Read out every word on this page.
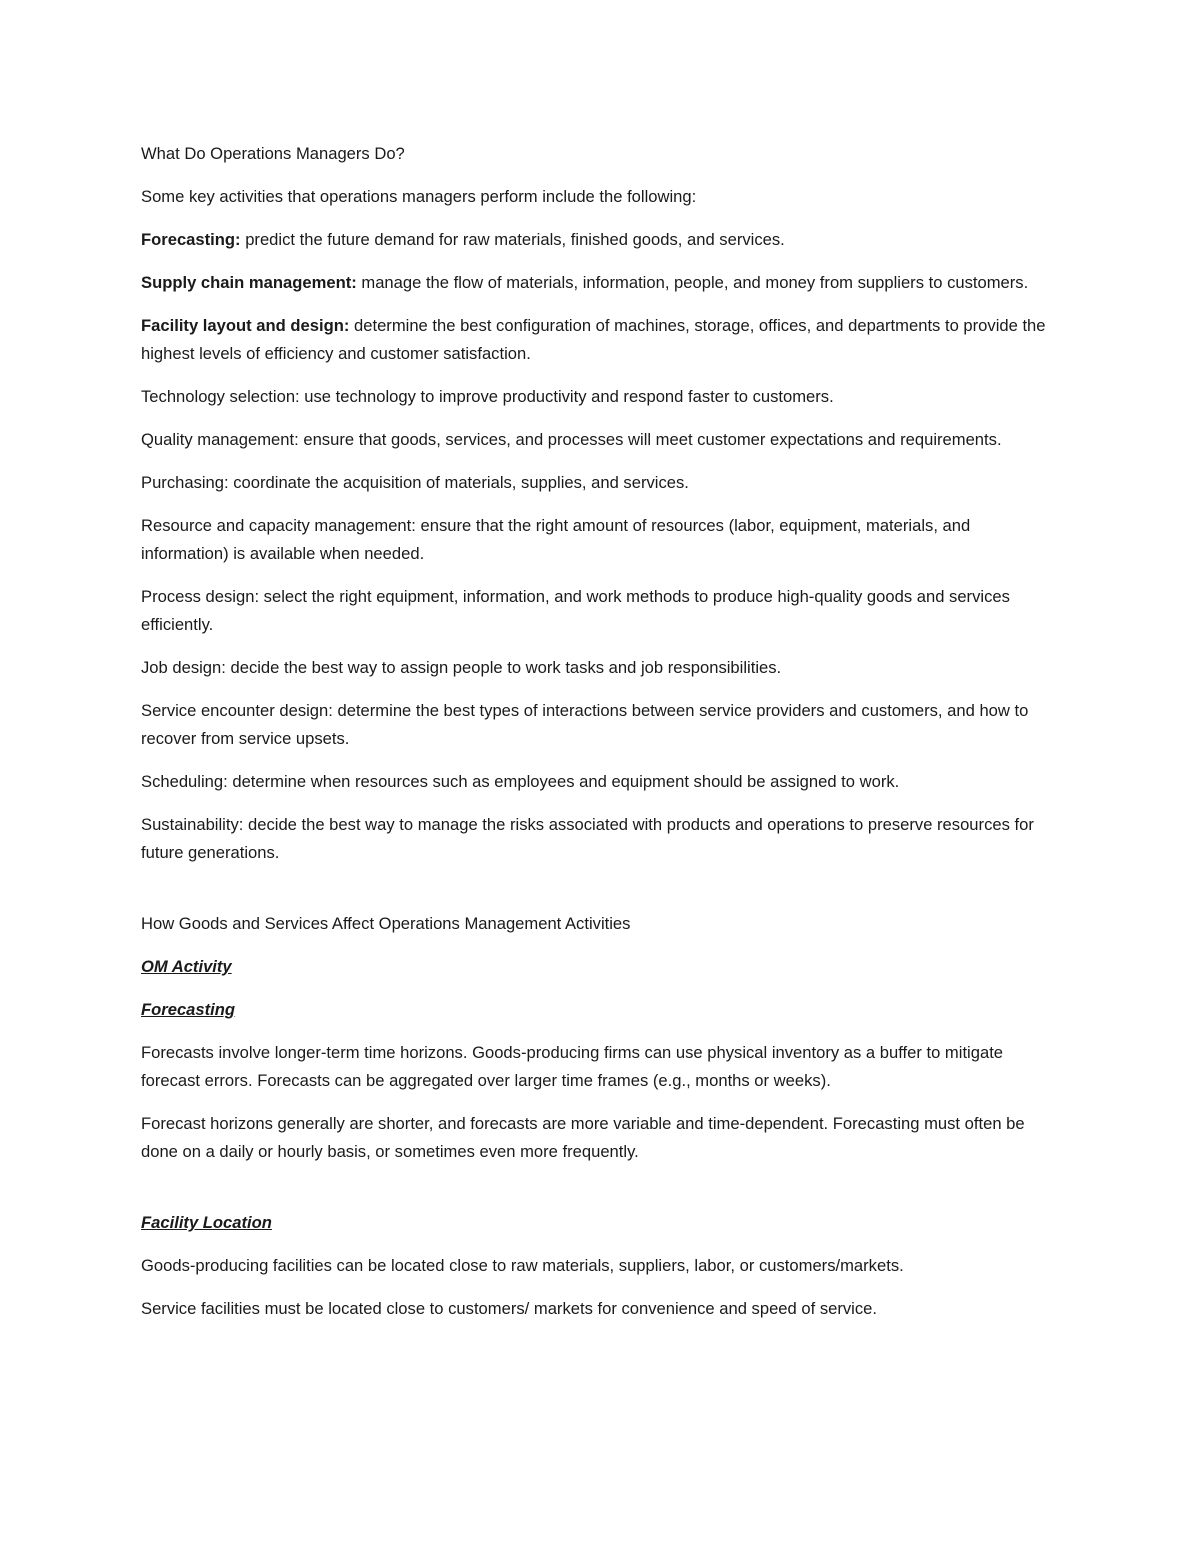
What Do Operations Managers Do?

Some key activities that operations managers perform include the following:

Forecasting: predict the future demand for raw materials, finished goods, and services.

Supply chain management: manage the flow of materials, information, people, and money from suppliers to customers.

Facility layout and design: determine the best configuration of machines, storage, offices, and departments to provide the highest levels of efficiency and customer satisfaction.

Technology selection: use technology to improve productivity and respond faster to customers.

Quality management: ensure that goods, services, and processes will meet customer expectations and requirements.

Purchasing: coordinate the acquisition of materials, supplies, and services.

Resource and capacity management: ensure that the right amount of resources (labor, equipment, materials, and information) is available when needed.

Process design: select the right equipment, information, and work methods to produce high-quality goods and services efficiently.

Job design: decide the best way to assign people to work tasks and job responsibilities.

Service encounter design: determine the best types of interactions between service providers and customers, and how to recover from service upsets.

Scheduling: determine when resources such as employees and equipment should be assigned to work.

Sustainability: decide the best way to manage the risks associated with products and operations to preserve resources for future generations.

How Goods and Services Affect Operations Management Activities

OM Activity

Forecasting

Forecasts involve longer-term time horizons. Goods-producing firms can use physical inventory as a buffer to mitigate forecast errors. Forecasts can be aggregated over larger time frames (e.g., months or weeks).

Forecast horizons generally are shorter, and forecasts are more variable and time-dependent. Forecasting must often be done on a daily or hourly basis, or sometimes even more frequently.

Facility Location

Goods-producing facilities can be located close to raw materials, suppliers, labor, or customers/markets.

Service facilities must be located close to customers/ markets for convenience and speed of service.
